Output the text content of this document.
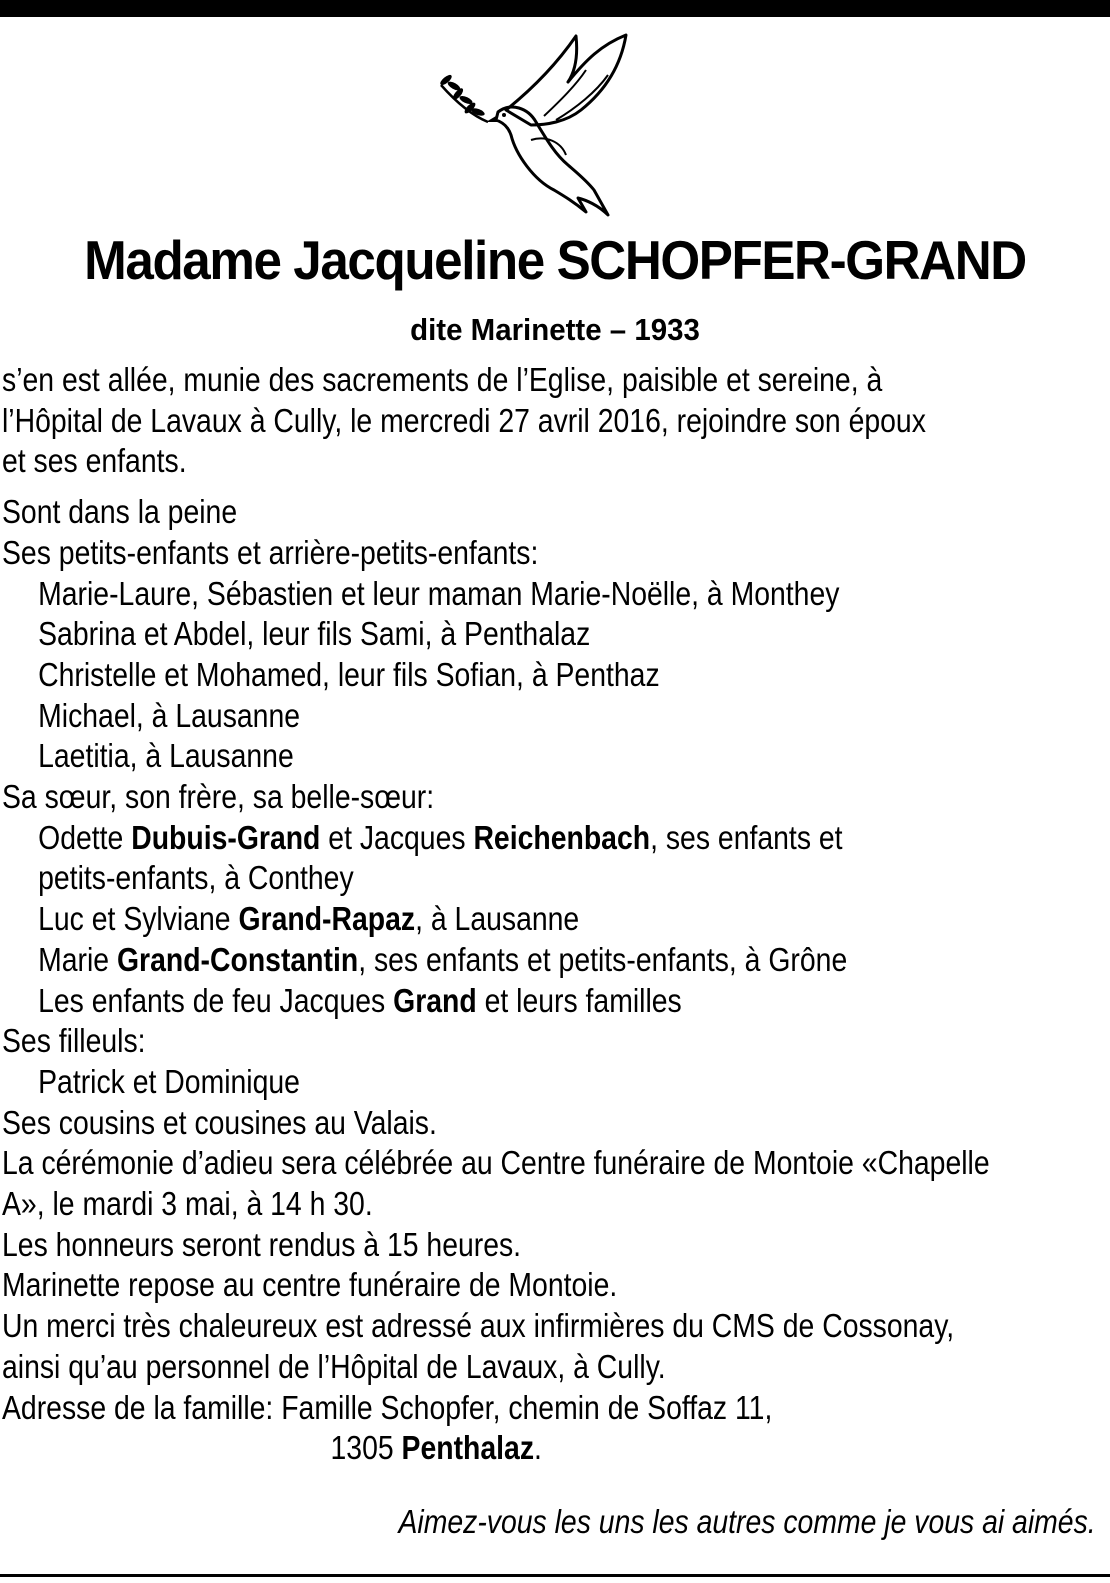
Madame Jacqueline SCHOPFER-GRAND
dite Marinette – 1933
s’en est allée, munie des sacrements de l’Eglise, paisible et sereine, à
l’Hôpital de Lavaux à Cully, le mercredi 27 avril 2016, rejoindre son époux
et ses enfants.
Sont dans la peine
Ses petits-enfants et arrière-petits-enfants:
Marie-Laure, Sébastien et leur maman Marie-Noëlle, à Monthey
Sabrina et Abdel, leur fils Sami, à Penthalaz
Christelle et Mohamed, leur fils Sofian, à Penthaz
Michael, à Lausanne
Laetitia, à Lausanne
Sa sœur, son frère, sa belle-sœur:
Odette Dubuis-Grand et Jacques Reichenbach, ses enfants et
petits-enfants, à Conthey
Luc et Sylviane Grand-Rapaz, à Lausanne
Marie Grand-Constantin, ses enfants et petits-enfants, à Grône
Les enfants de feu Jacques Grand et leurs familles
Ses filleuls:
Patrick et Dominique
Ses cousins et cousines au Valais.
La cérémonie d’adieu sera célébrée au Centre funéraire de Montoie «Chapelle
A», le mardi 3 mai, à 14 h 30.
Les honneurs seront rendus à 15 heures.
Marinette repose au centre funéraire de Montoie.
Un merci très chaleureux est adressé aux infirmières du CMS de Cossonay,
ainsi qu’au personnel de l’Hôpital de Lavaux, à Cully.
Adresse de la famille: Famille Schopfer, chemin de Soffaz 11,
1305 Penthalaz.
Aimez-vous les uns les autres comme je vous ai aimés.
